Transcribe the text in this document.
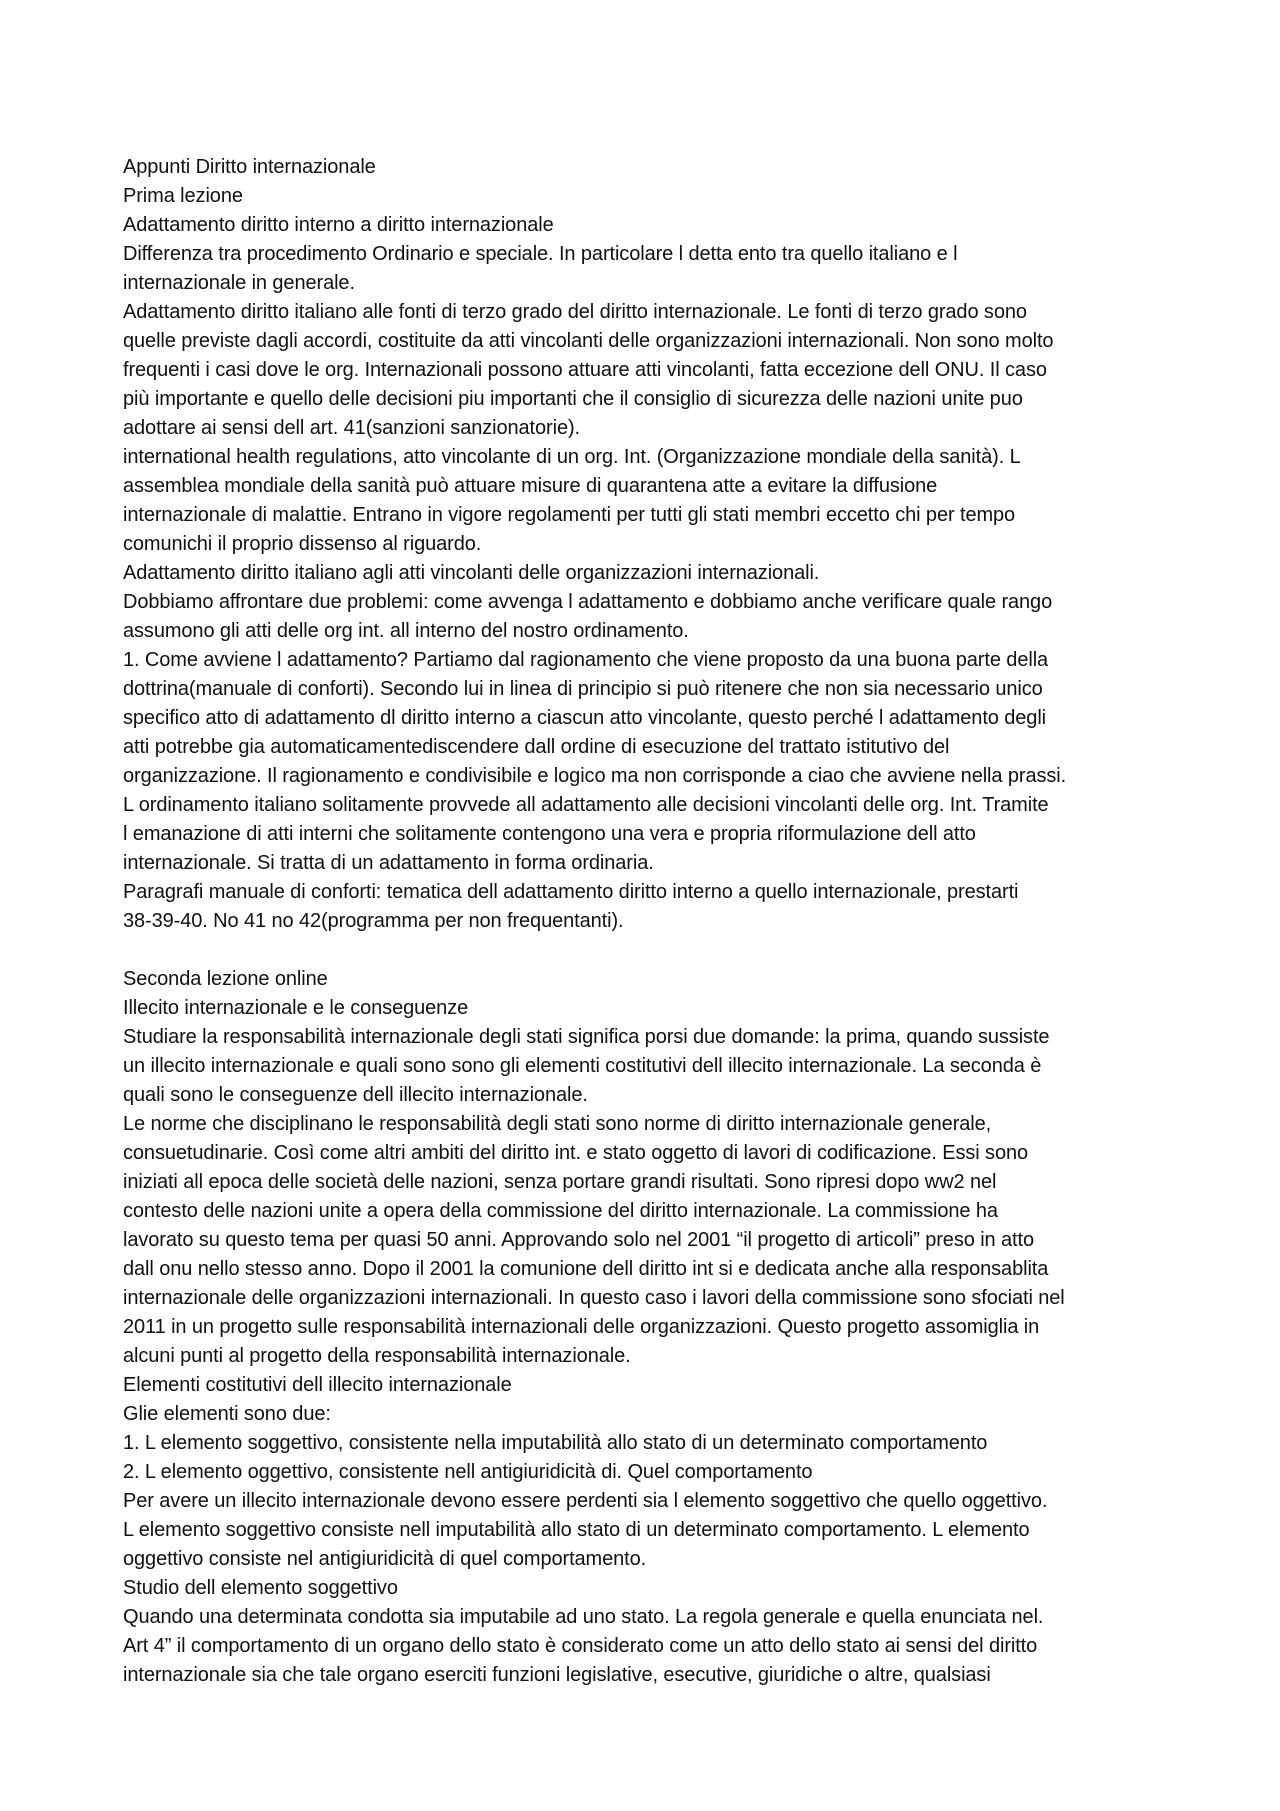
Appunti Diritto internazionale
Prima lezione
Adattamento diritto interno a diritto internazionale
Differenza tra procedimento Ordinario e speciale. In particolare l detta ento tra quello italiano e l
internazionale in generale.
Adattamento diritto italiano alle fonti di terzo grado del diritto internazionale. Le fonti di terzo grado sono
quelle previste dagli accordi, costituite da atti vincolanti delle organizzazioni internazionali. Non sono molto
frequenti i casi dove le org. Internazionali possono attuare atti vincolanti, fatta eccezione dell ONU. Il caso
più importante e quello delle decisioni piu importanti che il consiglio di sicurezza delle nazioni unite puo
adottare ai sensi dell art. 41(sanzioni sanzionatorie).
international health regulations, atto vincolante di un org. Int. (Organizzazione mondiale della sanità). L
assemblea mondiale della sanità può attuare misure di quarantena atte a evitare la diffusione
internazionale di malattie. Entrano in vigore regolamenti per tutti gli stati membri eccetto chi per tempo
comunichi il proprio dissenso al riguardo.
Adattamento diritto italiano agli atti vincolanti delle organizzazioni internazionali.
Dobbiamo affrontare due problemi: come avvenga l adattamento e dobbiamo anche verificare quale rango
assumono gli atti delle org int. all interno del nostro ordinamento.
1. Come avviene l adattamento? Partiamo dal ragionamento che viene proposto da una buona parte della
dottrina(manuale di conforti). Secondo lui in linea di principio si può ritenere che non sia necessario unico
specifico atto di adattamento dl diritto interno a ciascun atto vincolante, questo perché l adattamento degli
atti potrebbe gia automaticamentediscendere dall ordine di esecuzione del trattato istitutivo del
organizzazione. Il ragionamento e condivisibile e logico ma non corrisponde a ciao che avviene nella prassi.
L ordinamento italiano solitamente provvede all adattamento alle decisioni vincolanti delle org. Int. Tramite
l emanazione di atti interni che solitamente contengono una vera e propria riformulazione dell atto
internazionale. Si tratta di un adattamento in forma ordinaria.
Paragrafi manuale di conforti: tematica dell adattamento diritto interno a quello internazionale, prestarti
38-39-40. No 41 no 42(programma per non frequentanti).
Seconda lezione online
Illecito internazionale e le conseguenze
Studiare la responsabilità internazionale degli stati significa porsi due domande: la prima, quando sussiste
un illecito internazionale e quali sono sono gli elementi costitutivi dell illecito internazionale. La seconda è
quali sono le conseguenze dell illecito internazionale.
Le norme che disciplinano le responsabilità degli stati sono norme di diritto internazionale generale,
consuetudinarie. Così come altri ambiti del diritto int. e stato oggetto di lavori di codificazione. Essi sono
iniziati all epoca delle società delle nazioni, senza portare grandi risultati. Sono ripresi dopo ww2 nel
contesto delle nazioni unite a opera della commissione del diritto internazionale. La commissione ha
lavorato su questo tema per quasi 50 anni. Approvando solo nel 2001 “il progetto di articoli” preso in atto
dall onu nello stesso anno. Dopo il 2001 la comunione dell diritto int si e dedicata anche alla responsablita
internazionale delle organizzazioni internazionali. In questo caso i lavori della commissione sono sfociati nel
2011 in un progetto sulle responsabilità internazionali delle organizzazioni. Questo progetto assomiglia in
alcuni punti al progetto della responsabilità internazionale.
Elementi costitutivi dell illecito internazionale
Glie elementi sono due:
1. L elemento soggettivo, consistente nella imputabilità allo stato di un determinato comportamento
2. L elemento oggettivo, consistente nell antigiuridicità di. Quel comportamento
Per avere un illecito internazionale devono essere perdenti sia l elemento soggettivo che quello oggettivo.
L elemento soggettivo consiste nell imputabilità allo stato di un determinato comportamento. L elemento
oggettivo consiste nel antigiuridicità di quel comportamento.
Studio dell elemento soggettivo
Quando una determinata condotta sia imputabile ad uno stato. La regola generale e quella enunciata nel.
Art 4” il comportamento di un organo dello stato è considerato come un atto dello stato ai sensi del diritto
internazionale sia che tale organo eserciti funzioni legislative, esecutive, giuridiche o altre, qualsiasi
